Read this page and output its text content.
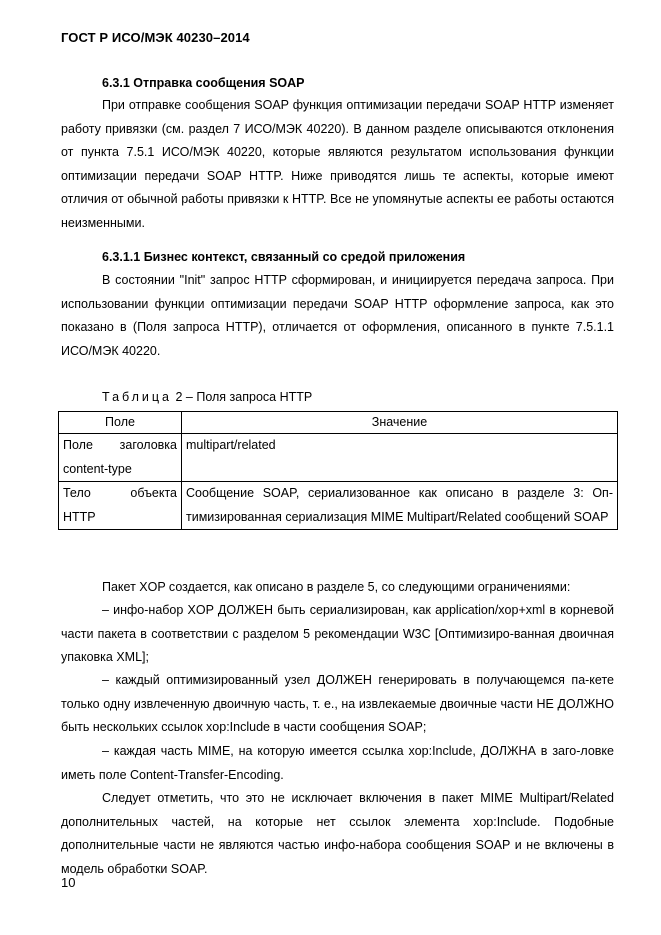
ГОСТ Р ИСО/МЭК 40230–2014
6.3.1 Отправка сообщения SOAP

При отправке сообщения SOAP функция оптимизации передачи SOAP HTTP изменяет работу привязки (см. раздел 7 ИСО/МЭК 40220). В данном разделе описываются отклонения от пункта 7.5.1 ИСО/МЭК 40220, которые являются результатом использования функции оптимизации передачи SOAP HTTP. Ниже приводятся лишь те аспекты, которые имеют отличия от обычной работы привязки к HTTP. Все не упомянутые аспекты ее работы остаются неизменными.

6.3.1.1 Бизнес контекст, связанный со средой приложения

В состоянии "Init" запрос HTTP сформирован, и инициируется передача запроса. При использовании функции оптимизации передачи SOAP HTTP оформление запроса, как это показано в (Поля запроса HTTP), отличается от оформления, описанного в пункте 7.5.1.1 ИСО/МЭК 40220.

Таблица 2 – Поля запроса HTTP
Поле	Значение
Поле заголовка content-type	multipart/related
Тело объекта HTTP	Сообщение SOAP, сериализованное как описано в разделе 3: Оп-тимизированная сериализация MIME Multipart/Related сообщений SOAP

Пакет XOP создается, как описано в разделе 5, со следующими ограничениями:

– инфо-набор XOP ДОЛЖЕН быть сериализирован, как application/xop+xml в корневой части пакета в соответствии с разделом 5 рекомендации W3C [Оптимизиро-ванная двоичная упаковка XML];

– каждый оптимизированный узел ДОЛЖЕН генерировать в получающемся па-кете только одну извлеченную двоичную часть, т. е., на извлекаемые двоичные части НЕ ДОЛЖНО быть нескольких ссылок xop:Include в части сообщения SOAP;

– каждая часть MIME, на которую имеется ссылка xop:Include, ДОЛЖНА в заго-ловке иметь поле Content-Transfer-Encoding.

Следует отметить, что это не исключает включения в пакет MIME Multipart/Related дополнительных частей, на которые нет ссылок элемента xop:Include. Подобные дополнительные части не являются частью инфо-набора сообщения SOAP и не включены в модель обработки SOAP.

10
